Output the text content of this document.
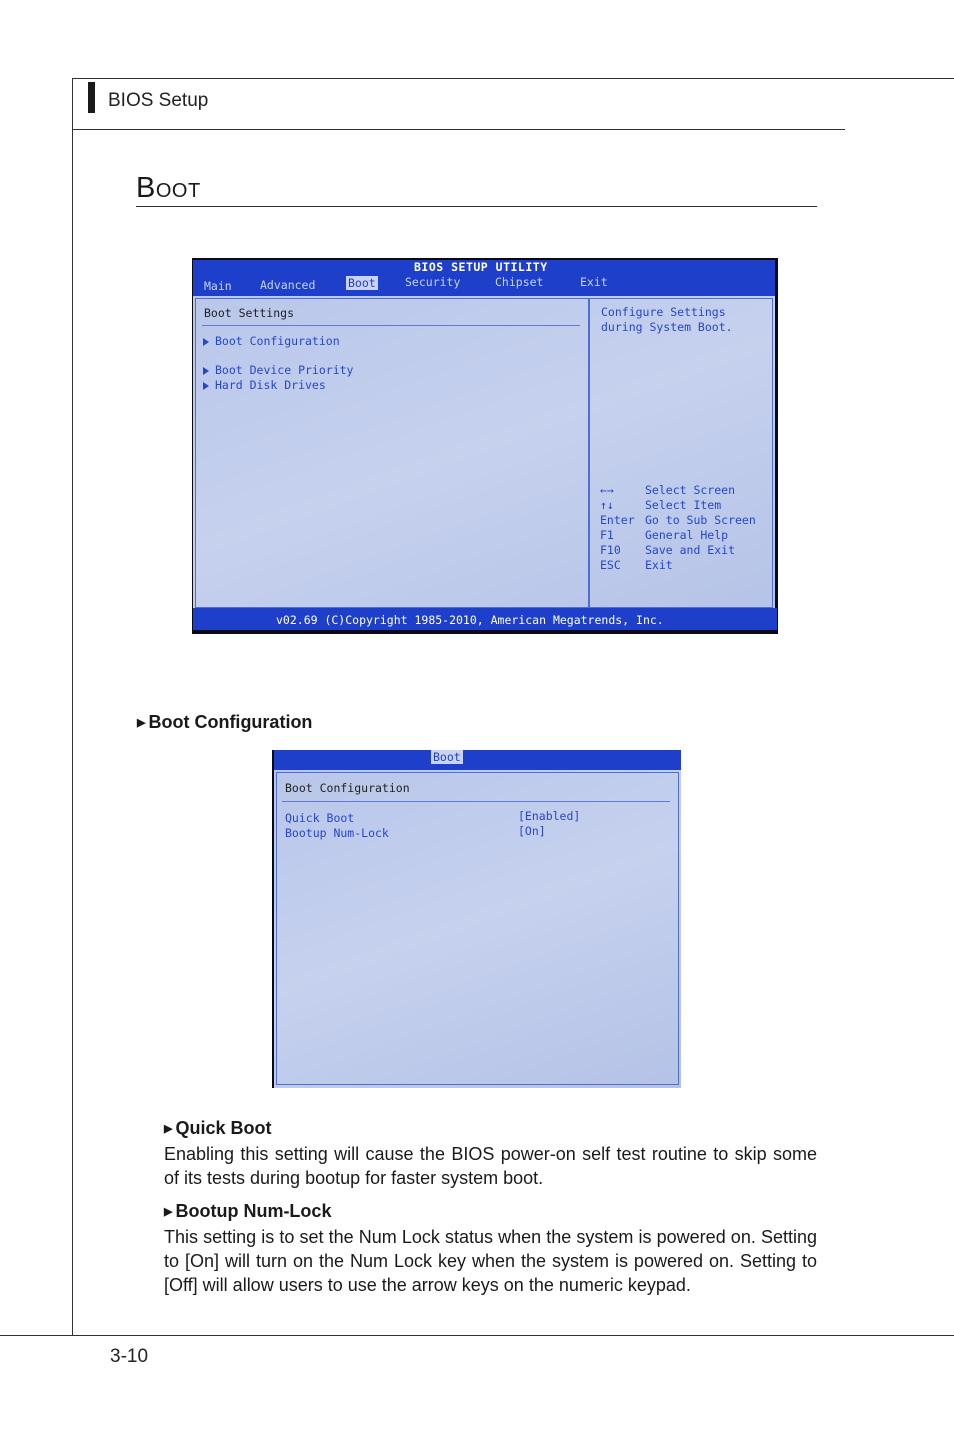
BIOS Setup
Boot
BIOS SETUP UTILITY
Main Advanced	Boot	Security	Chipset	Exit
Boot Settings
Boot Configuration
Boot Device Priority
Hard Disk Drives
Configure Settings
during System Boot.
←→	Select Screen
↑↓	Select Item
Enter Go to Sub Screen
F1	General Help
F10 Save and Exit
ESC Exit
v02.69 (C)Copyright 1985-2010, American Megatrends, Inc.
▶ Boot Configuration
Boot
Boot Configuration
Quick Boot	[Enabled]
Bootup Num-Lock	[On]
▶ Quick Boot
Enabling this setting will cause the BIOS power-on self test routine to skip some of its tests during bootup for faster system boot.
▶ Bootup Num-Lock
This setting is to set the Num Lock status when the system is powered on. Setting to [On] will turn on the Num Lock key when the system is powered on. Setting to [Off] will allow users to use the arrow keys on the numeric keypad.
3-10
